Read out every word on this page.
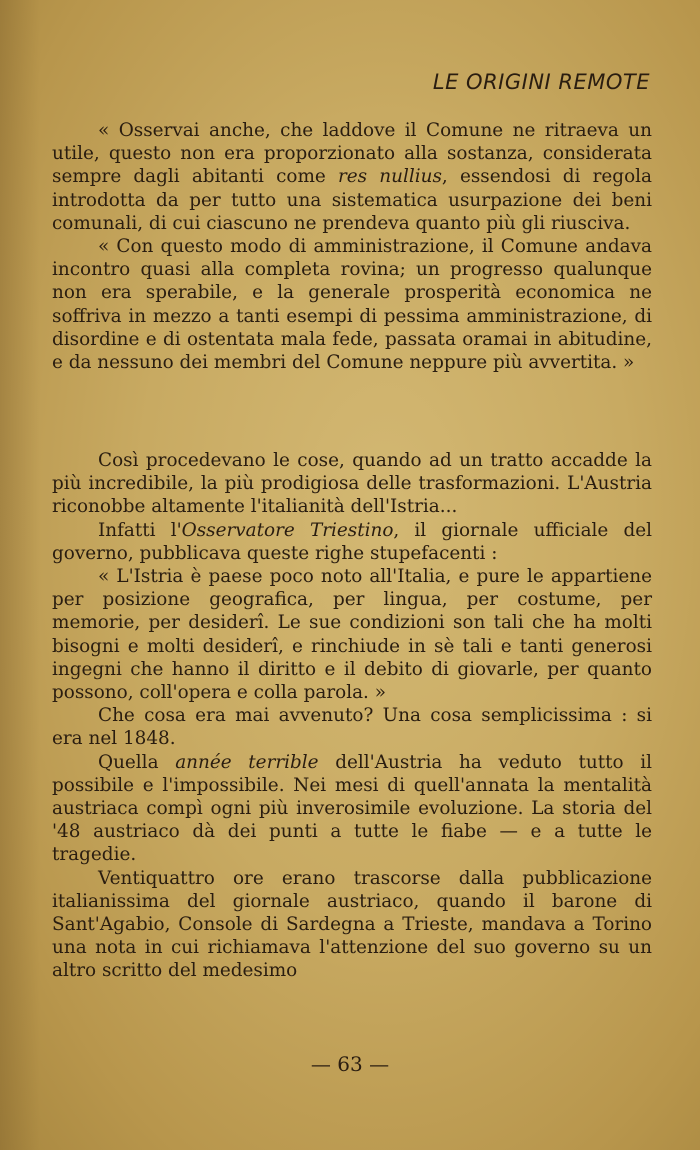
LE ORIGINI REMOTE

« Osservai anche, che laddove il Comune ne ritraeva un utile, questo non era proporzionato alla sostanza, considerata sempre dagli abitanti come res nullius, essendosi di regola introdotta da per tutto una sistematica usurpazione dei beni comunali, di cui ciascuno ne prendeva quanto più gli riusciva.

« Con questo modo di amministrazione, il Comune andava incontro quasi alla completa rovina; un progresso qualunque non era sperabile, e la generale prosperità economica ne soffriva in mezzo a tanti esempi di pessima amministrazione, di disordine e di ostentata mala fede, passata oramai in abitudine, e da nessuno dei membri del Comune neppure più avvertita. »

Così procedevano le cose, quando ad un tratto accadde la più incredibile, la più prodigiosa delle trasformazioni. L'Austria riconobbe altamente l'italianità dell'Istria...

Infatti l'Osservatore Triestino, il giornale ufficiale del governo, pubblicava queste righe stupefacenti :

« L'Istria è paese poco noto all'Italia, e pure le appartiene per posizione geografica, per lingua, per costume, per memorie, per desiderî. Le sue condizioni son tali che ha molti bisogni e molti desiderî, e rinchiude in sè tali e tanti generosi ingegni che hanno il diritto e il debito di giovarle, per quanto possono, coll'opera e colla parola. »

Che cosa era mai avvenuto? Una cosa semplicissima : si era nel 1848.

Quella année terrible dell'Austria ha veduto tutto il possibile e l'impossibile. Nei mesi di quell'annata la mentalità austriaca compì ogni più inverosimile evoluzione. La storia del '48 austriaco dà dei punti a tutte le fiabe — e a tutte le tragedie.

Ventiquattro ore erano trascorse dalla pubblicazione italianissima del giornale austriaco, quando il barone di Sant'Agabio, Console di Sardegna a Trieste, mandava a Torino una nota in cui richiamava l'attenzione del suo governo su un altro scritto del medesimo

— 63 —
